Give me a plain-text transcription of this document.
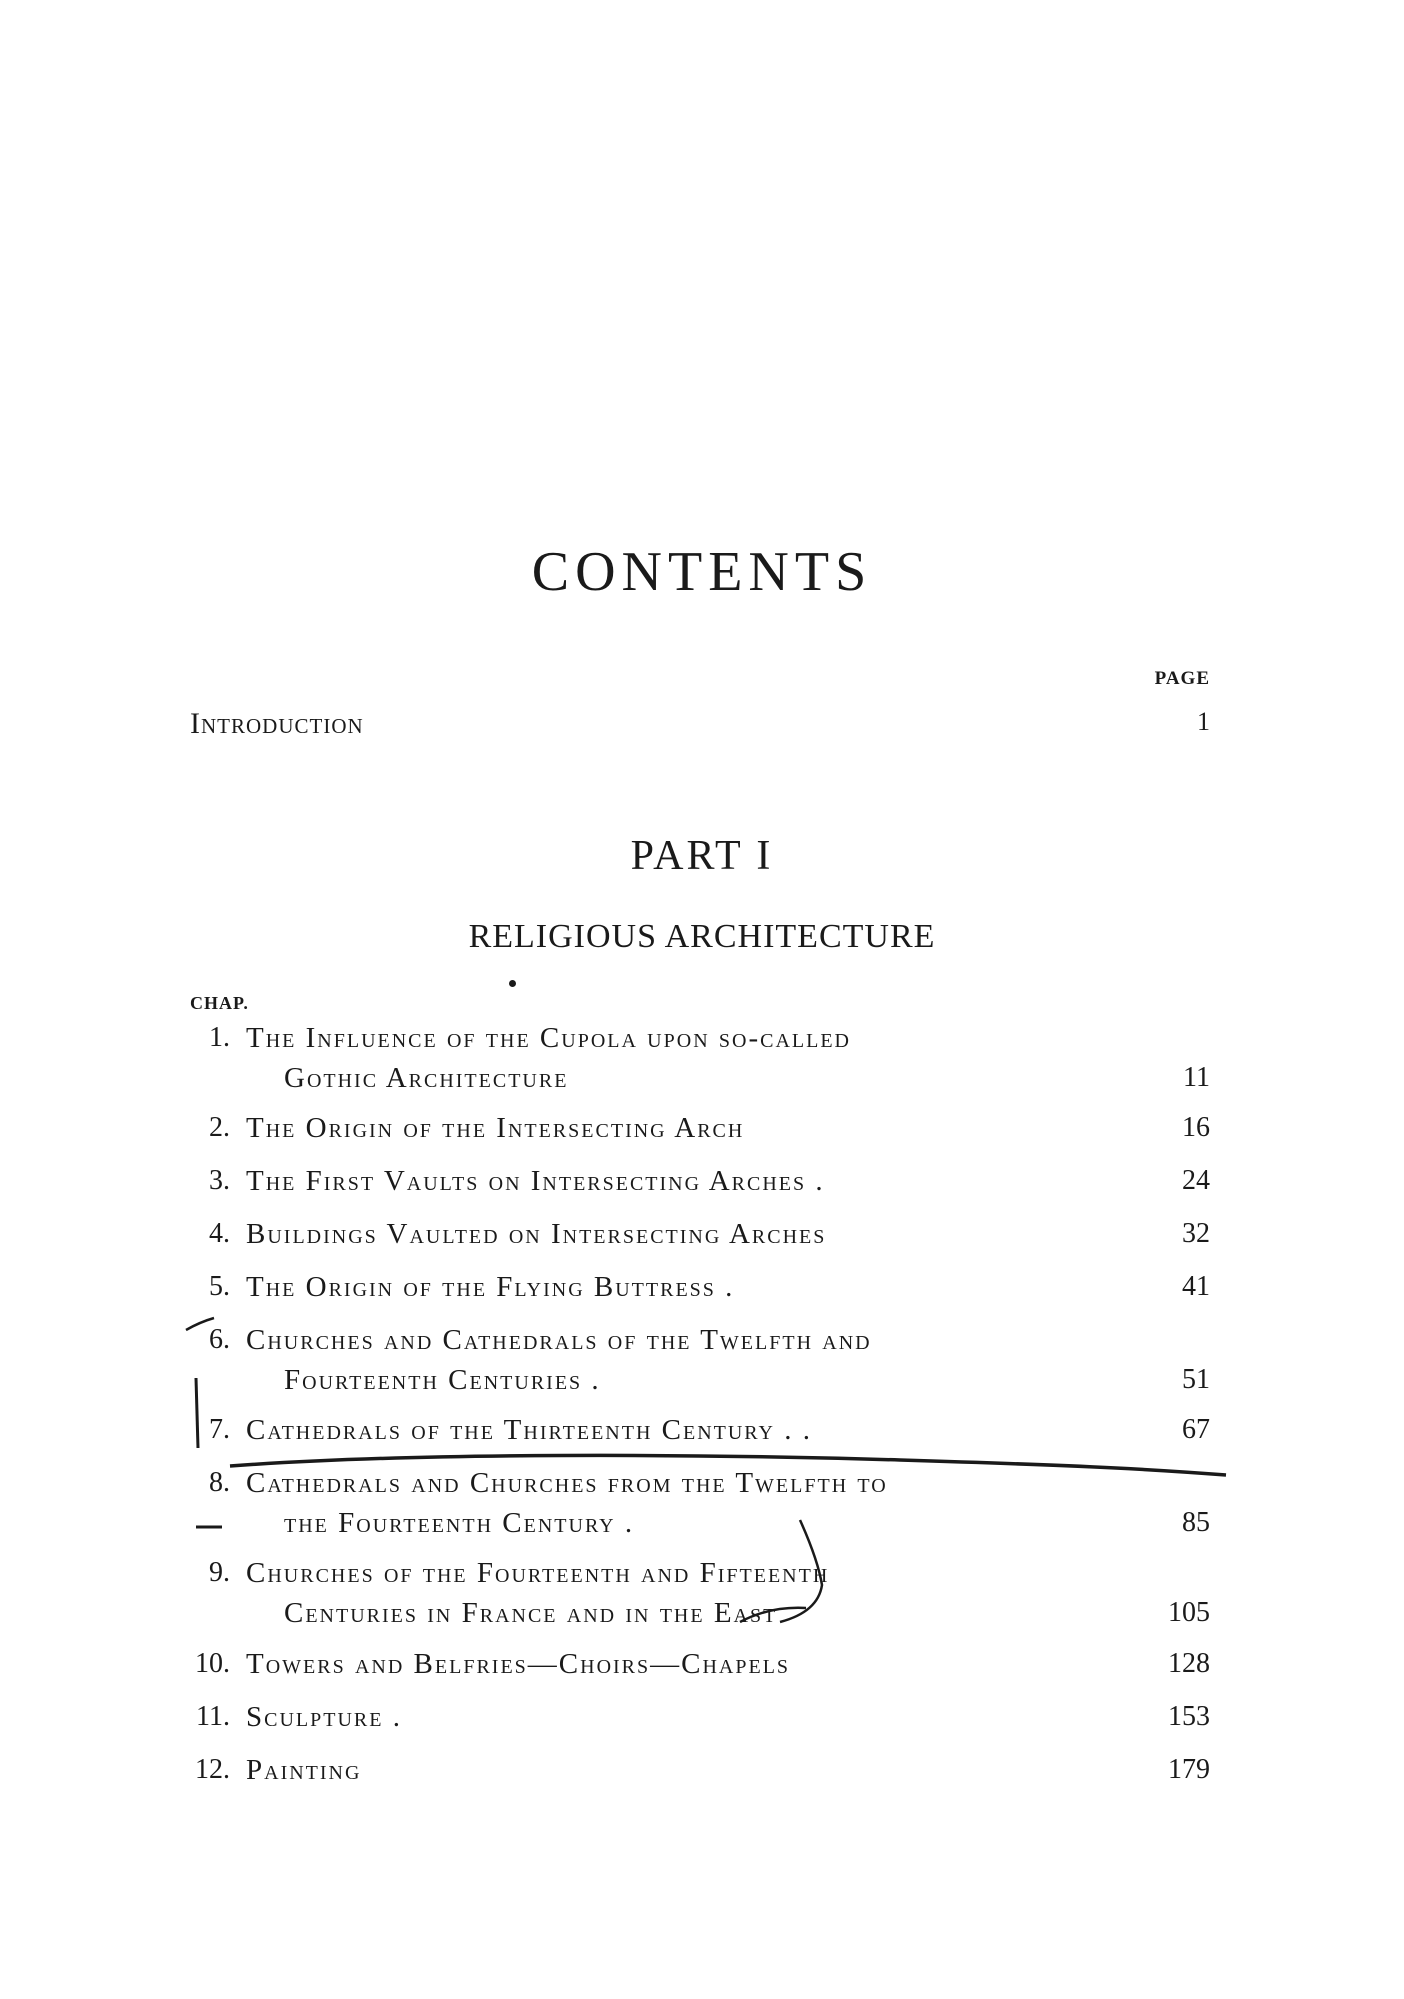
CONTENTS
PAGE
Introduction	1
PART I
RELIGIOUS ARCHITECTURE
CHAP.
1. The Influence of the Cupola upon so-called
Gothic Architecture	11
2. The Origin of the Intersecting Arch	16
3. The First Vaults on Intersecting Arches .	24
4. Buildings Vaulted on Intersecting Arches	32
5. The Origin of the Flying Buttress .	41
6. Churches and Cathedrals of the Twelfth and
Fourteenth Centuries .	51
7. Cathedrals of the Thirteenth Century . .	67
8. Cathedrals and Churches from the Twelfth to
the Fourteenth Century .	85
9. Churches of the Fourteenth and Fifteenth
Centuries in France and in the East	105
10. Towers and Belfries—Choirs—Chapels	128
11. Sculpture .	153
12. Painting	179
